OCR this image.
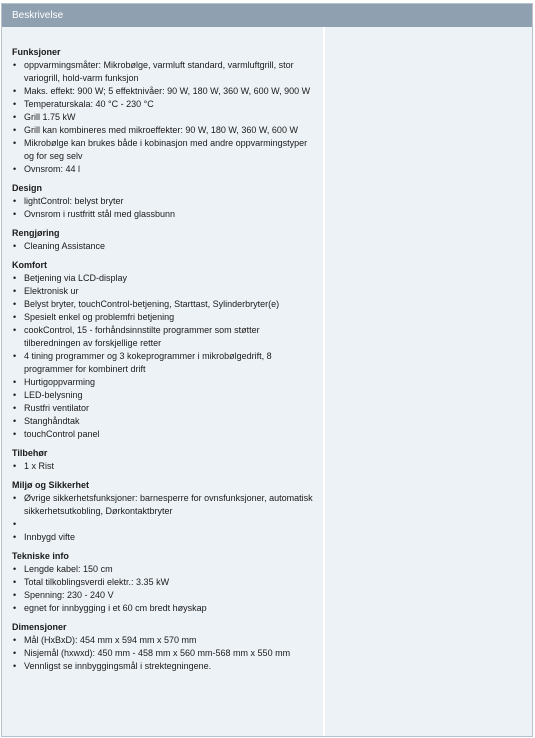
Beskrivelse
Funksjoner
• oppvarmingsmåter: Mikrobølge, varmluft standard, varmluftgrill, stor variogrill, hold-varm funksjon
• Maks. effekt: 900 W; 5 effektnivåer: 90 W, 180 W, 360 W, 600 W, 900 W
• Temperaturskala: 40 °C - 230 °C
• Grill 1.75 kW
• Grill kan kombineres med mikroeffekter: 90 W, 180 W, 360 W, 600 W
• Mikrobølge kan brukes både i kobinasjon med andre oppvarmingstyper og for seg selv
• Ovnsrom: 44 l
Design
• lightControl: belyst bryter
• Ovnsrom i rustfritt stål med glassbunn
Rengjøring
• Cleaning Assistance
Komfort
• Betjening via LCD-display
• Elektronisk ur
• Belyst bryter, touchControl-betjening, Starttast, Sylinderbryter(e)
• Spesielt enkel og problemfri betjening
• cookControl, 15 - forhåndsinnstilte programmer som støtter tilberedningen av forskjellige retter
• 4 tining programmer og 3 kokeprogrammer i mikrobølgedrift, 8 programmer for kombinert drift
• Hurtigoppvarming
• LED-belysning
• Rustfri ventilator
• Stanghåndtak
• touchControl panel
Tilbehør
• 1 x Rist
Miljø og Sikkerhet
• Øvrige sikkerhetsfunksjoner: barnesperre for ovnsfunksjoner, automatisk sikkerhetsutkobling, Dørkontaktbryter
•
• Innbygd vifte
Tekniske info
• Lengde kabel: 150 cm
• Total tilkoblingsverdi elektr.: 3.35 kW
• Spenning: 230 - 240 V
• egnet for innbygging i et 60 cm bredt høyskap
Dimensjoner
• Mål (HxBxD): 454 mm x 594 mm x 570 mm
• Nisjemål (hxwxd): 450 mm - 458 mm x 560 mm-568 mm x 550 mm
• Vennligst se innbyggingsmål i strektegningene.
